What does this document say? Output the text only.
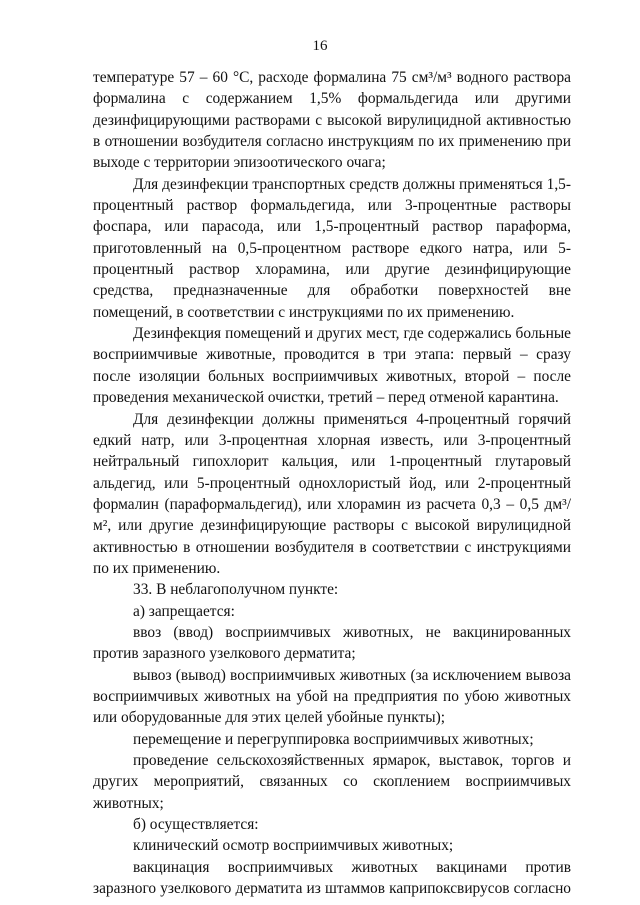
16

температуре 57 – 60 °С, расходе формалина 75 см³/м³ водного раствора формалина с содержанием 1,5% формальдегида или другими дезинфицирующими растворами с высокой вирулицидной активностью в отношении возбудителя согласно инструкциям по их применению при выходе с территории эпизоотического очага;

Для дезинфекции транспортных средств должны применяться 1,5-процентный раствор формальдегида, или 3-процентные растворы фоспара, или парасода, или 1,5-процентный раствор параформа, приготовленный на 0,5-процентном растворе едкого натра, или 5-процентный раствор хлорамина, или другие дезинфицирующие средства, предназначенные для обработки поверхностей вне помещений, в соответствии с инструкциями по их применению.

Дезинфекция помещений и других мест, где содержались больные восприимчивые животные, проводится в три этапа: первый – сразу после изоляции больных восприимчивых животных, второй – после проведения механической очистки, третий – перед отменой карантина.

Для дезинфекции должны применяться 4-процентный горячий едкий натр, или 3-процентная хлорная известь, или 3-процентный нейтральный гипохлорит кальция, или 1-процентный глутаровый альдегид, или 5-процентный однохлористый йод, или 2-процентный формалин (параформальдегид), или хлорамин из расчета 0,3 – 0,5 дм³/м², или другие дезинфицирующие растворы с высокой вирулицидной активностью в отношении возбудителя в соответствии с инструкциями по их применению.

33. В неблагополучном пункте:

а) запрещается:

ввоз (ввод) восприимчивых животных, не вакцинированных против заразного узелкового дерматита;

вывоз (вывод) восприимчивых животных (за исключением вывоза восприимчивых животных на убой на предприятия по убою животных или оборудованные для этих целей убойные пункты);

перемещение и перегруппировка восприимчивых животных;

проведение сельскохозяйственных ярмарок, выставок, торгов и других мероприятий, связанных со скоплением восприимчивых животных;

б) осуществляется:

клинический осмотр восприимчивых животных;

вакцинация восприимчивых животных вакцинами против заразного узелкового дерматита из штаммов каприпоксвирусов согласно
